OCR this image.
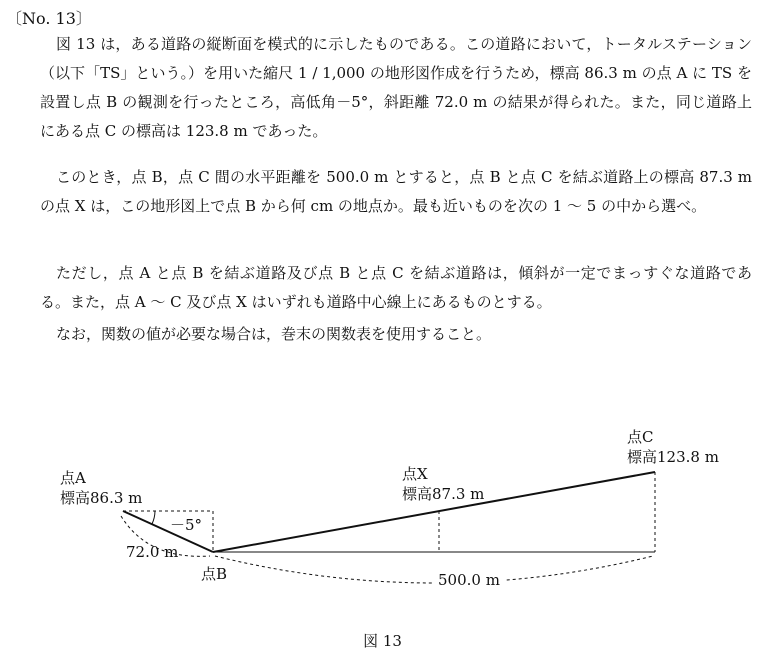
〔No. 13〕

図 13 は，ある道路の縦断面を模式的に示したものである。この道路において，トータルステーション（以下「TS」という。）を用いた縮尺 1 / 1,000 の地形図作成を行うため，標高 86.3 m の点 A に TS を設置し点 B の観測を行ったところ，高低角－5°，斜距離 72.0 m の結果が得られた。また，同じ道路上にある点 C の標高は 123.8 m であった。

このとき，点 B，点 C 間の水平距離を 500.0 m とすると，点 B と点 C を結ぶ道路上の標高 87.3 m の点 X は，この地形図上で点 B から何 cm の地点か。最も近いものを次の 1 ～ 5 の中から選べ。

ただし，点 A と点 B を結ぶ道路及び点 B と点 C を結ぶ道路は，傾斜が一定でまっすぐな道路である。また，点 A ～ C 及び点 X はいずれも道路中心線上にあるものとする。

なお，関数の値が必要な場合は，巻末の関数表を使用すること。

点A
標高86.3 m
－5°
72.0 m
点B
点X
標高87.3 m
点C
標高123.8 m
500.0 m
図 13
